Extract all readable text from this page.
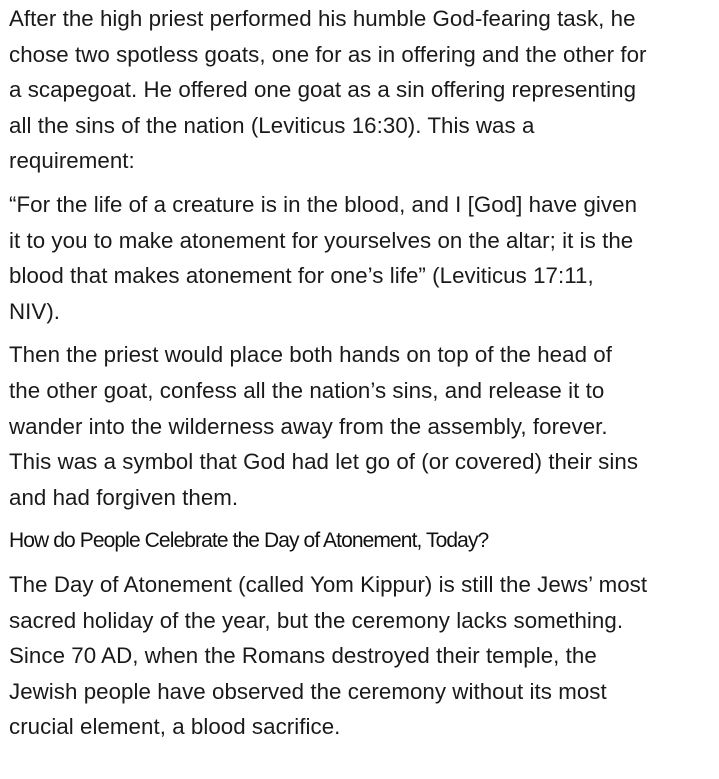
After the high priest performed his humble God-fearing task, he
chose two spotless goats, one for as in offering and the other for
a scapegoat. He offered one goat as a sin offering representing
all the sins of the nation (Leviticus 16:30). This was a
requirement:

“For the life of a creature is in the blood, and I [God] have given
it to you to make atonement for yourselves on the altar; it is the
blood that makes atonement for one’s life” (Leviticus 17:11,
NIV).

Then the priest would place both hands on top of the head of
the other goat, confess all the nation’s sins, and release it to
wander into the wilderness away from the assembly, forever.
This was a symbol that God had let go of (or covered) their sins
and had forgiven them.

How do People Celebrate the Day of Atonement, Today?

The Day of Atonement (called Yom Kippur) is still the Jews’ most
sacred holiday of the year, but the ceremony lacks something.
Since 70 AD, when the Romans destroyed their temple, the
Jewish people have observed the ceremony without its most
crucial element, a blood sacrifice.
